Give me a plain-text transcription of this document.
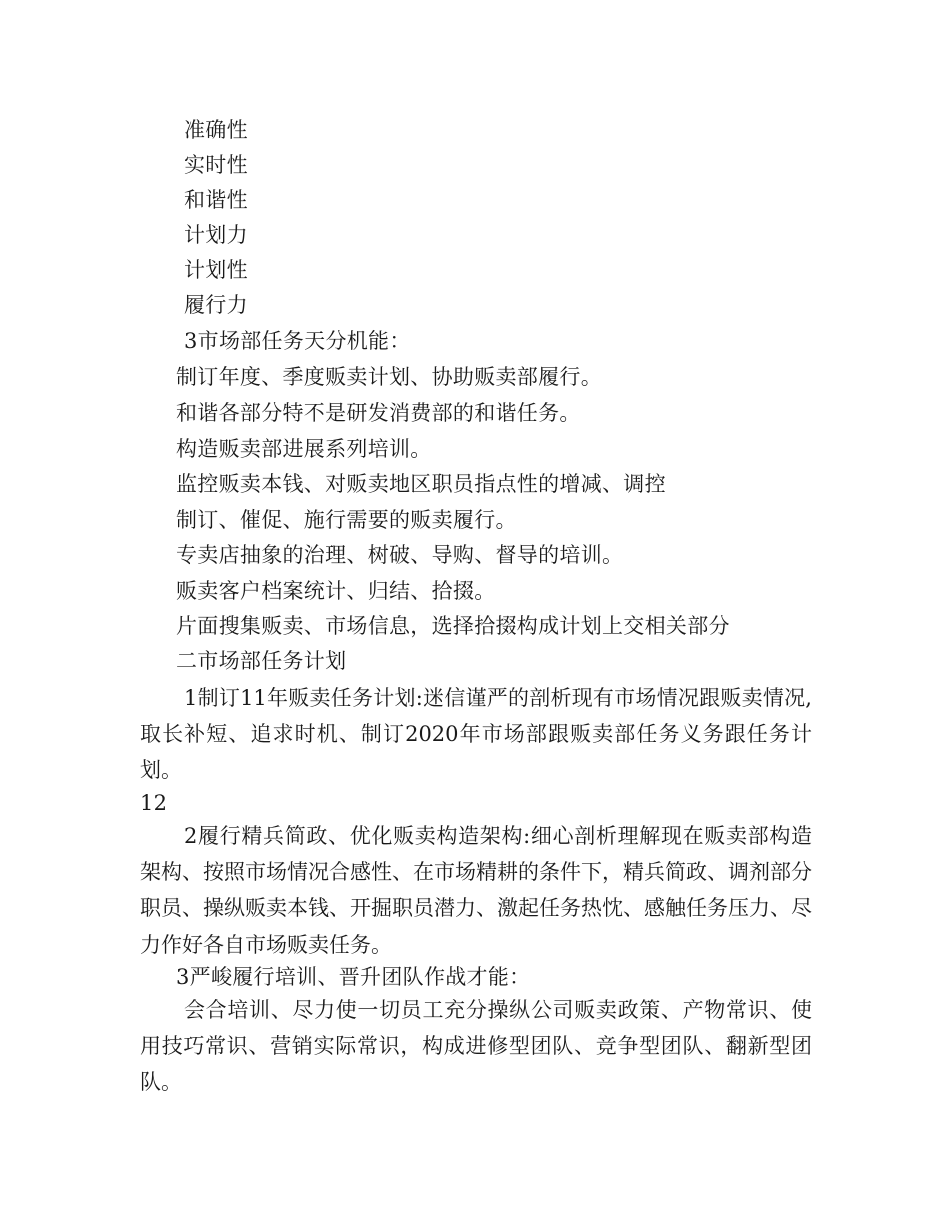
准确性
实时性
和谐性
计划力
计划性
履行力
3市场部任务天分机能：
制订年度、季度贩卖计划、协助贩卖部履行。
和谐各部分特不是研发消费部的和谐任务。
构造贩卖部进展系列培训。
监控贩卖本钱、对贩卖地区职员指点性的增减、调控
制订、催促、施行需要的贩卖履行。
专卖店抽象的治理、树破、导购、督导的培训。
贩卖客户档案统计、归结、拾掇。
片面搜集贩卖、市场信息，选择拾掇构成计划上交相关部分
二市场部任务计划
1制订11年贩卖任务计划:迷信谨严的剖析现有市场情况跟贩卖情况,取长补短、追求时机、制订2020年市场部跟贩卖部任务义务跟任务计划。
12
2履行精兵简政、优化贩卖构造架构:细心剖析理解现在贩卖部构造架构、按照市场情况合感性、在市场精耕的条件下，精兵简政、调剂部分职员、操纵贩卖本钱、开掘职员潜力、激起任务热忱、感触任务压力、尽力作好各自市场贩卖任务。
3严峻履行培训、晋升团队作战才能：
会合培训、尽力使一切员工充分操纵公司贩卖政策、产物常识、使用技巧常识、营销实际常识，构成进修型团队、竞争型团队、翻新型团队。
